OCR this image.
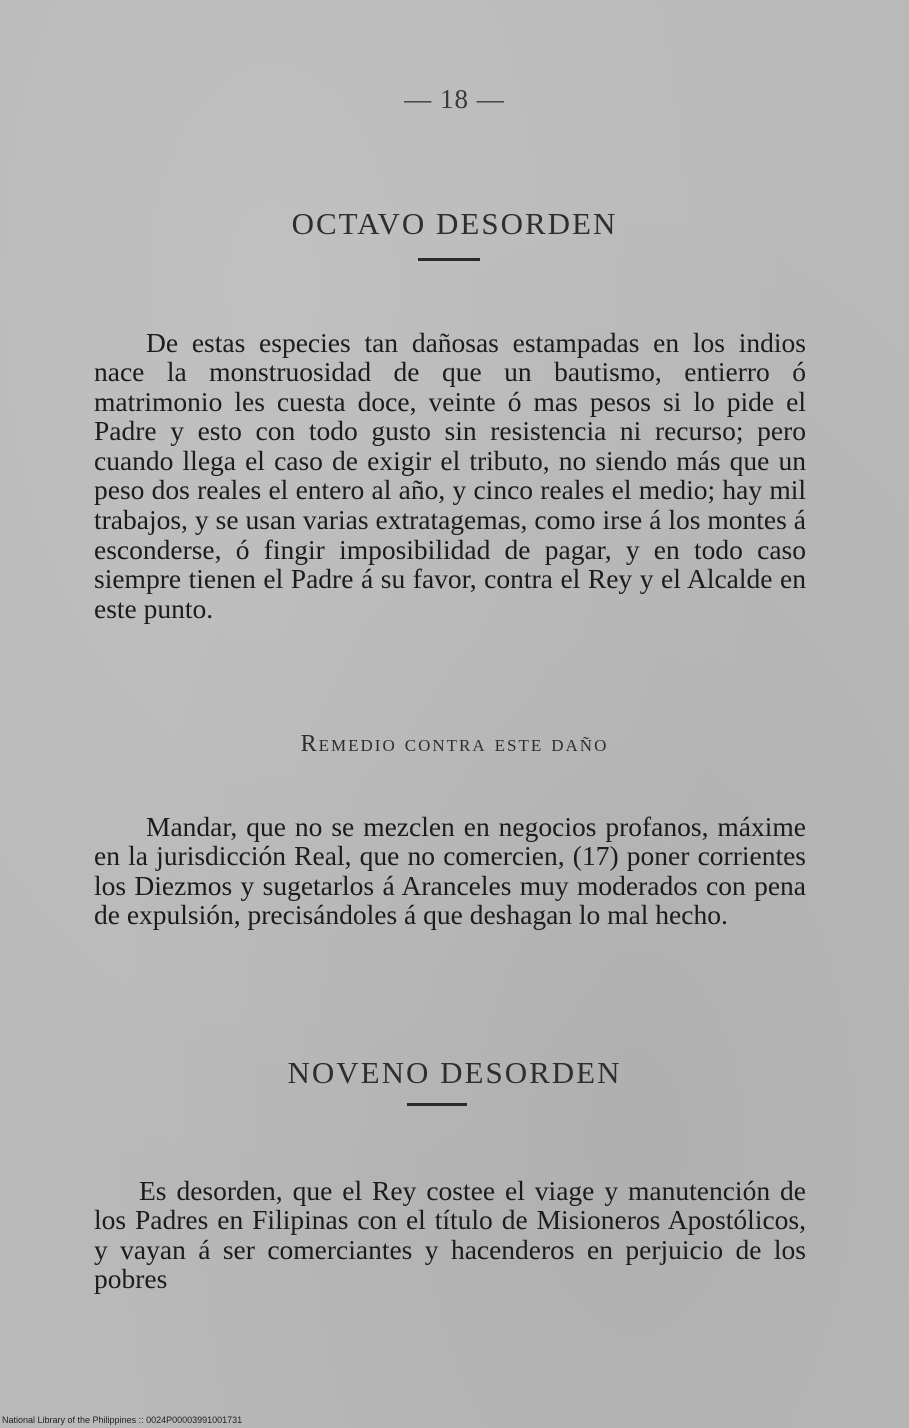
— 18 —
OCTAVO DESORDEN

De estas especies tan dañosas estampadas en los indios nace la monstruosidad de que un bautismo, entierro ó matrimonio les cuesta doce, veinte ó mas pesos si lo pide el Padre y esto con todo gusto sin resistencia ni recurso; pero cuando llega el caso de exigir el tributo, no siendo más que un peso dos reales el entero al año, y cinco reales el medio; hay mil trabajos, y se usan varias extratagemas, como irse á los montes á esconderse, ó fingir imposibilidad de pagar, y en todo caso siempre tienen el Padre á su favor, contra el Rey y el Alcalde en este punto.

Remedio contra este daño

Mandar, que no se mezclen en negocios profanos, máxime en la jurisdicción Real, que no comercien, (17) poner corrientes los Diezmos y sugetarlos á Aranceles muy moderados con pena de expulsión, precisándoles á que deshagan lo mal hecho.

NOVENO DESORDEN

Es desorden, que el Rey costee el viage y manutención de los Padres en Filipinas con el título de Misioneros Apostólicos, y vayan á ser comerciantes y hacenderos en perjuicio de los pobres

National Library of the Philippines :: 0024P00003991001731
